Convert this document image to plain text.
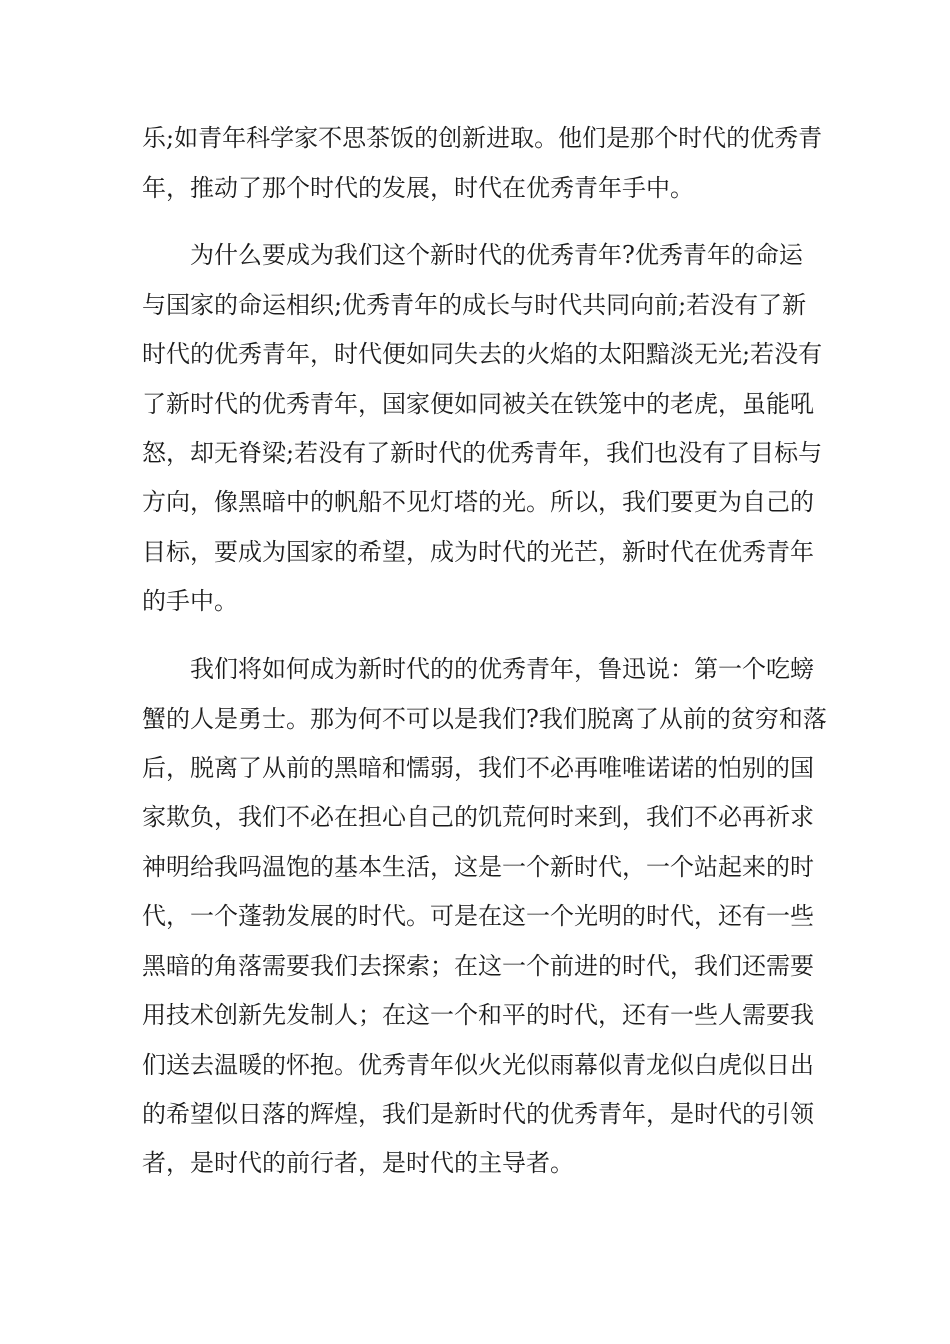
乐;如青年科学家不思茶饭的创新进取。他们是那个时代的优秀青
年，推动了那个时代的发展，时代在优秀青年手中。
为什么要成为我们这个新时代的优秀青年?优秀青年的命运
与国家的命运相织;优秀青年的成长与时代共同向前;若没有了新
时代的优秀青年，时代便如同失去的火焰的太阳黯淡无光;若没有
了新时代的优秀青年，国家便如同被关在铁笼中的老虎，虽能吼
怒，却无脊梁;若没有了新时代的优秀青年，我们也没有了目标与
方向，像黑暗中的帆船不见灯塔的光。所以，我们要更为自己的
目标，要成为国家的希望，成为时代的光芒，新时代在优秀青年
的手中。
我们将如何成为新时代的的优秀青年，鲁迅说：第一个吃螃
蟹的人是勇士。那为何不可以是我们?我们脱离了从前的贫穷和落
后，脱离了从前的黑暗和懦弱，我们不必再唯唯诺诺的怕别的国
家欺负，我们不必在担心自己的饥荒何时来到，我们不必再祈求
神明给我吗温饱的基本生活，这是一个新时代，一个站起来的时
代，一个蓬勃发展的时代。可是在这一个光明的时代，还有一些
黑暗的角落需要我们去探索；在这一个前进的时代，我们还需要
用技术创新先发制人；在这一个和平的时代，还有一些人需要我
们送去温暖的怀抱。优秀青年似火光似雨幕似青龙似白虎似日出
的希望似日落的辉煌，我们是新时代的优秀青年，是时代的引领
者，是时代的前行者，是时代的主导者。
